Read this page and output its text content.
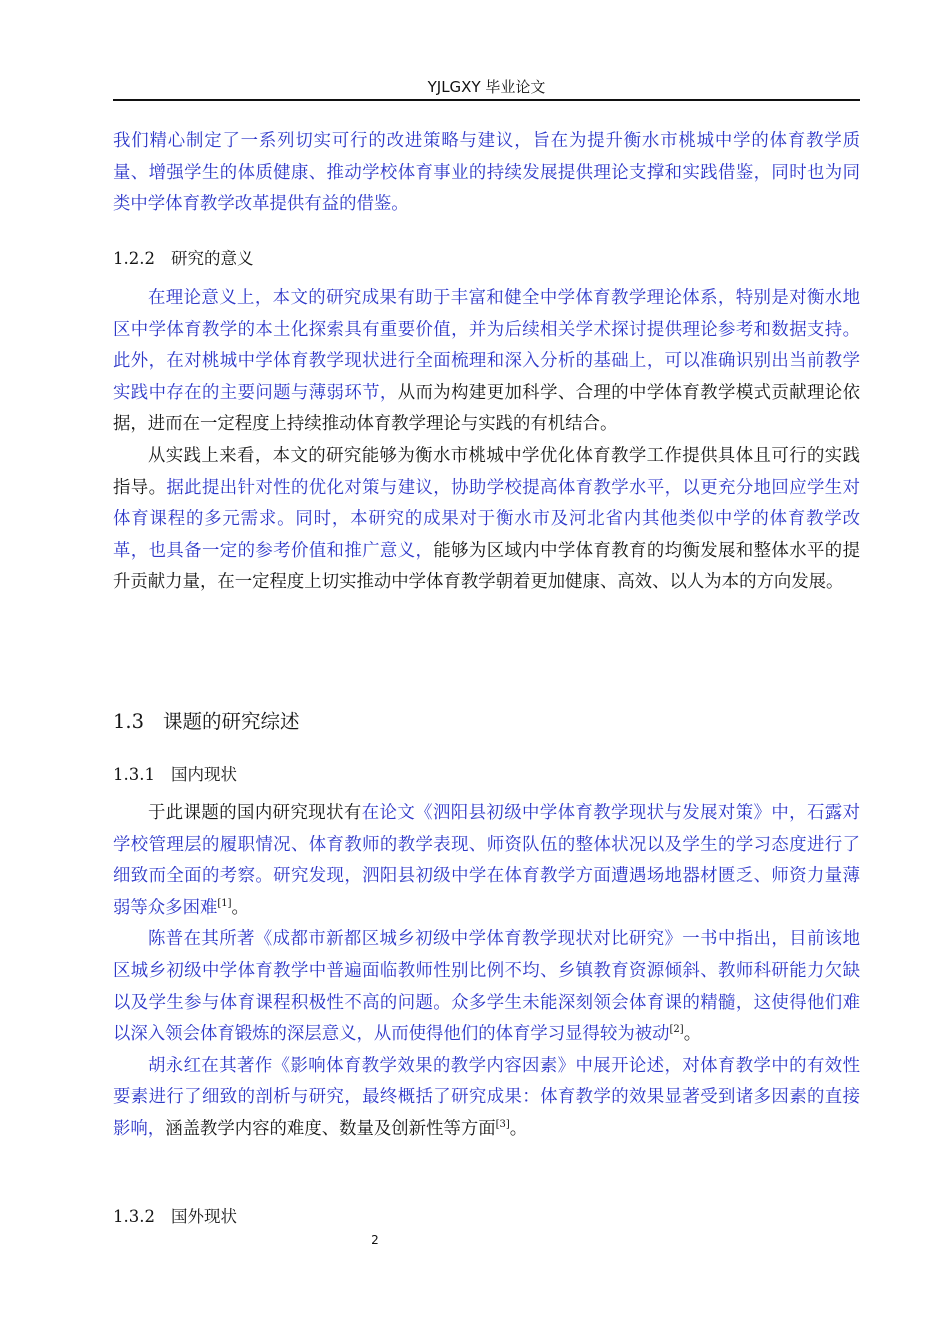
YJLGXY 毕业论文

我们精心制定了一系列切实可行的改进策略与建议，旨在为提升衡水市桃城中学的体育教学质量、增强学生的体质健康、推动学校体育事业的持续发展提供理论支撑和实践借鉴，同时也为同类中学体育教学改革提供有益的借鉴。

1.2.2 研究的意义

在理论意义上，本文的研究成果有助于丰富和健全中学体育教学理论体系，特别是对衡水地区中学体育教学的本土化探索具有重要价值，并为后续相关学术探讨提供理论参考和数据支持。此外，在对桃城中学体育教学现状进行全面梳理和深入分析的基础上，可以准确识别出当前教学实践中存在的主要问题与薄弱环节，从而为构建更加科学、合理的中学体育教学模式贡献理论依据，进而在一定程度上持续推动体育教学理论与实践的有机结合。

从实践上来看，本文的研究能够为衡水市桃城中学优化体育教学工作提供具体且可行的实践指导。据此提出针对性的优化对策与建议，协助学校提高体育教学水平，以更充分地回应学生对体育课程的多元需求。同时，本研究的成果对于衡水市及河北省内其他类似中学的体育教学改革，也具备一定的参考价值和推广意义，能够为区域内中学体育教育的均衡发展和整体水平的提升贡献力量，在一定程度上切实推动中学体育教学朝着更加健康、高效、以人为本的方向发展。

1.3 课题的研究综述
1.3.1 国内现状

于此课题的国内研究现状有在论文《泗阳县初级中学体育教学现状与发展对策》中，石露对学校管理层的履职情况、体育教师的教学表现、师资队伍的整体状况以及学生的学习态度进行了细致而全面的考察。研究发现，泗阳县初级中学在体育教学方面遭遇场地器材匮乏、师资力量薄弱等众多困难[1]。

陈普在其所著《成都市新都区城乡初级中学体育教学现状对比研究》一书中指出，目前该地区城乡初级中学体育教学中普遍面临教师性别比例不均、乡镇教育资源倾斜、教师科研能力欠缺以及学生参与体育课程积极性不高的问题。众多学生未能深刻领会体育课的精髓，这使得他们难以深入领会体育锻炼的深层意义，从而使得他们的体育学习显得较为被动[2]。

胡永红在其著作《影响体育教学效果的教学内容因素》中展开论述，对体育教学中的有效性要素进行了细致的剖析与研究，最终概括了研究成果：体育教学的效果显著受到诸多因素的直接影响，涵盖教学内容的难度、数量及创新性等方面[3]。

1.3.2 国外现状
2
